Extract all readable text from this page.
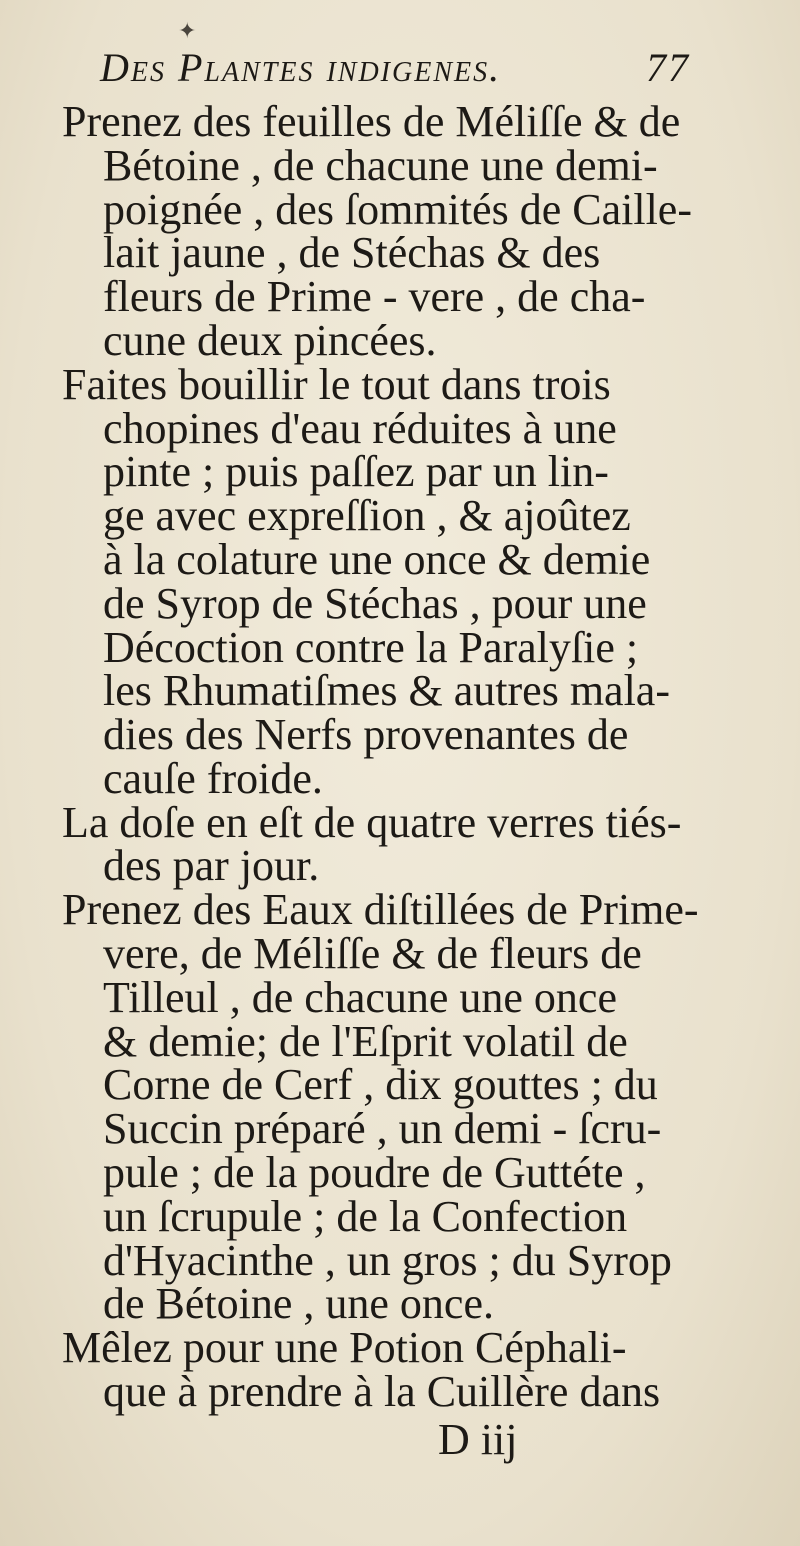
✦
Des Plantes indigenes.	77
Prenez des feuilles de Méliſſe & de
Bétoine , de chacune une demi-
poignée , des ſommités de Caille-
lait jaune , de Stéchas & des
fleurs de Prime - vere , de cha-
cune deux pincées.
Faites bouillir le tout dans trois
chopines d'eau réduites à une
pinte ; puis paſſez par un lin-
ge avec expreſſion , & ajoûtez
à la colature une once & demie
de Syrop de Stéchas , pour une
Décoction contre la Paralyſie ;
les Rhumatiſmes & autres mala-
dies des Nerfs provenantes de
cauſe froide.
La doſe en eſt de quatre verres tiés-
des par jour.
Prenez des Eaux diſtillées de Prime-
vere, de Méliſſe & de fleurs de
Tilleul , de chacune une once
& demie; de l'Eſprit volatil de
Corne de Cerf , dix gouttes ; du
Succin préparé , un demi - ſcru-
pule ; de la poudre de Guttéte ,
un ſcrupule ; de la Confection
d'Hyacinthe , un gros ; du Syrop
de Bétoine , une once.
Mêlez pour une Potion Céphali-
que à prendre à la Cuillère dans
D iij
